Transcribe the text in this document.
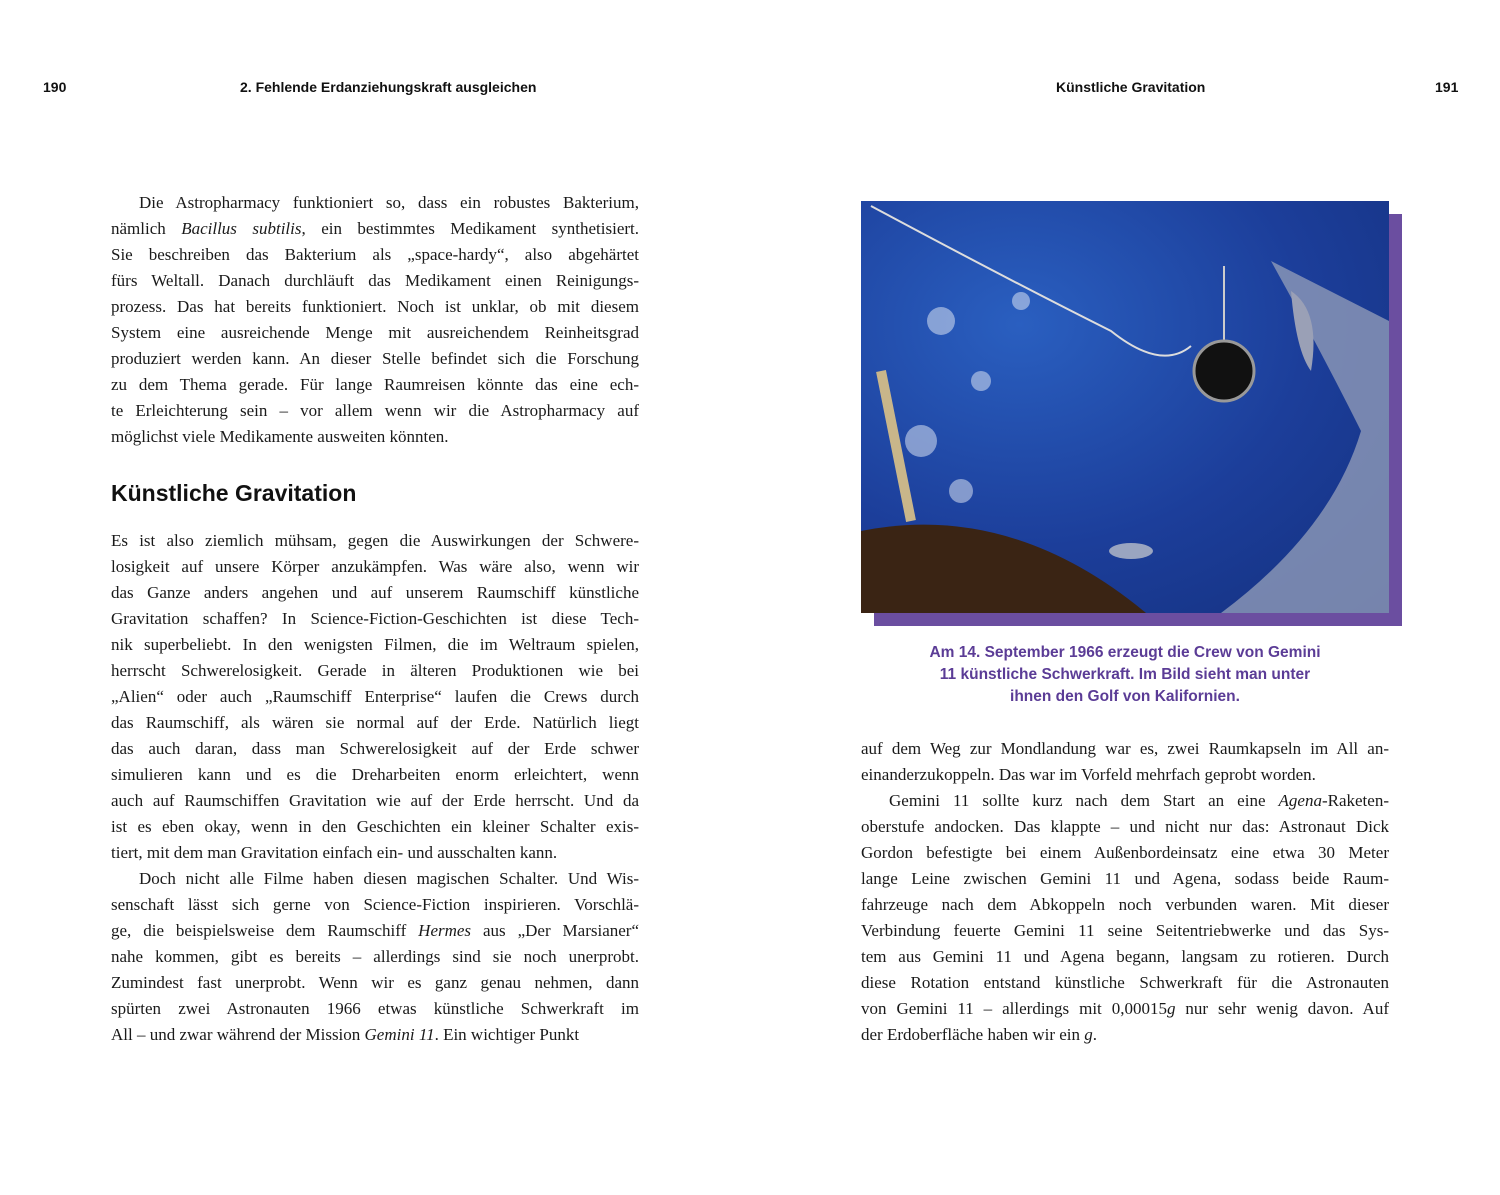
190	2. Fehlende Erdanziehungskraft ausgleichen	Künstliche Gravitation	191
Die Astropharmacy funktioniert so, dass ein robustes Bakterium,
nämlich Bacillus subtilis, ein bestimmtes Medikament synthetisiert.
Sie beschreiben das Bakterium als „space-hardy“, also abgehärtet
fürs Weltall. Danach durchläuft das Medikament einen Reinigungs-
prozess. Das hat bereits funktioniert. Noch ist unklar, ob mit diesem
System eine ausreichende Menge mit ausreichendem Reinheitsgrad
produziert werden kann. An dieser Stelle befindet sich die Forschung
zu dem Thema gerade. Für lange Raumreisen könnte das eine ech-
te Erleichterung sein – vor allem wenn wir die Astropharmacy auf
möglichst viele Medikamente ausweiten könnten.
Künstliche Gravitation
Es ist also ziemlich mühsam, gegen die Auswirkungen der Schwere-
losigkeit auf unsere Körper anzukämpfen. Was wäre also, wenn wir
das Ganze anders angehen und auf unserem Raumschiff künstliche
Gravitation schaffen? In Science-Fiction-Geschichten ist diese Tech-
nik superbeliebt. In den wenigsten Filmen, die im Weltraum spielen,
herrscht Schwerelosigkeit. Gerade in älteren Produktionen wie bei
„Alien“ oder auch „Raumschiff Enterprise“ laufen die Crews durch
das Raumschiff, als wären sie normal auf der Erde. Natürlich liegt
das auch daran, dass man Schwerelosigkeit auf der Erde schwer
simulieren kann und es die Dreharbeiten enorm erleichtert, wenn
auch auf Raumschiffen Gravitation wie auf der Erde herrscht. Und da
ist es eben okay, wenn in den Geschichten ein kleiner Schalter exis-
tiert, mit dem man Gravitation einfach ein- und ausschalten kann.
Doch nicht alle Filme haben diesen magischen Schalter. Und Wis-
senschaft lässt sich gerne von Science-Fiction inspirieren. Vorschlä-
ge, die beispielsweise dem Raumschiff Hermes aus „Der Marsianer“
nahe kommen, gibt es bereits – allerdings sind sie noch unerprobt.
Zumindest fast unerprobt. Wenn wir es ganz genau nehmen, dann
spürten zwei Astronauten 1966 etwas künstliche Schwerkraft im
All – und zwar während der Mission Gemini 11. Ein wichtiger Punkt
Am 14. September 1966 erzeugt die Crew von Gemini
11 künstliche Schwerkraft. Im Bild sieht man unter
ihnen den Golf von Kalifornien.
auf dem Weg zur Mondlandung war es, zwei Raumkapseln im All an-
einanderzukoppeln. Das war im Vorfeld mehrfach geprobt worden.
Gemini 11 sollte kurz nach dem Start an eine Agena-Raketen-
oberstufe andocken. Das klappte – und nicht nur das: Astronaut Dick
Gordon befestigte bei einem Außenbordeinsatz eine etwa 30 Meter
lange Leine zwischen Gemini 11 und Agena, sodass beide Raum-
fahrzeuge nach dem Abkoppeln noch verbunden waren. Mit dieser
Verbindung feuerte Gemini 11 seine Seitentriebwerke und das Sys-
tem aus Gemini 11 und Agena begann, langsam zu rotieren. Durch
diese Rotation entstand künstliche Schwerkraft für die Astronauten
von Gemini 11 – allerdings mit 0,00015g nur sehr wenig davon. Auf
der Erdoberfläche haben wir ein g.
